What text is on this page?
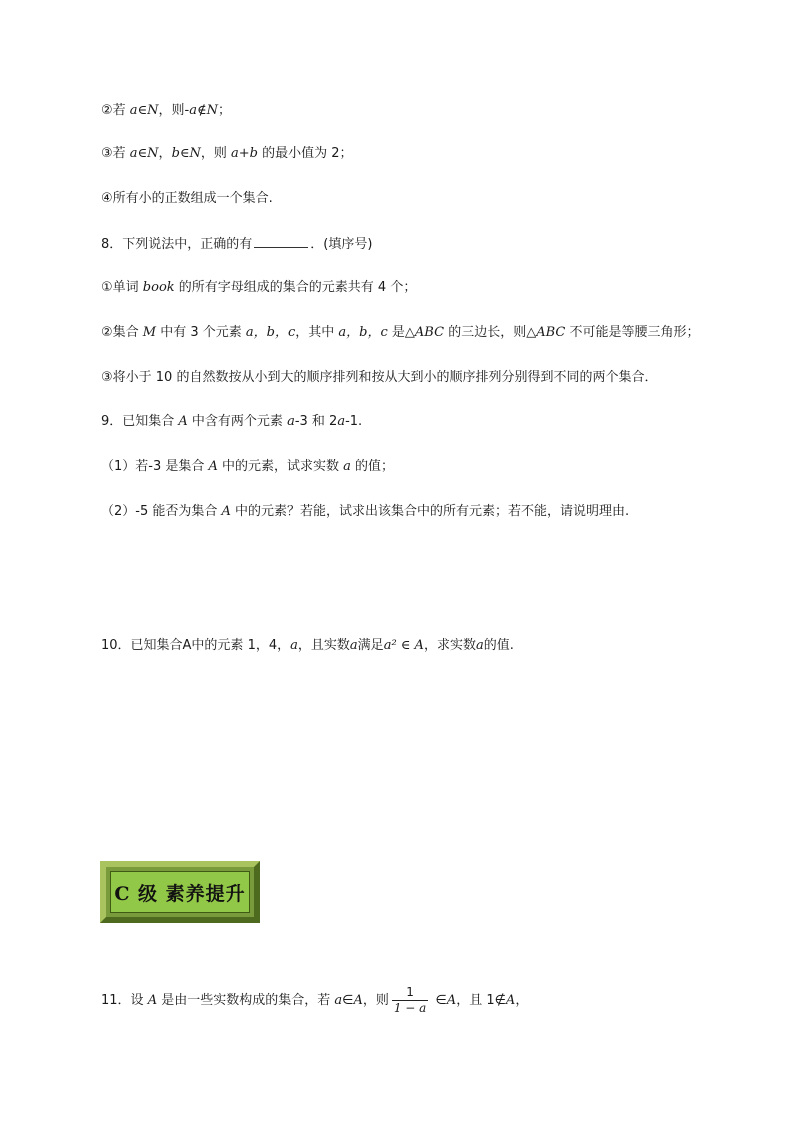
②若 a∈N，则-a∉N；
③若 a∈N，b∈N，则 a+b 的最小值为 2；
④所有小的正数组成一个集合.
8．下列说法中，正确的有	．(填序号)
①单词 book 的所有字母组成的集合的元素共有 4 个；
②集合 M 中有 3 个元素 a，b，c，其中 a，b，c 是△ABC 的三边长，则△ABC 不可能是等腰三角形；
③将小于 10 的自然数按从小到大的顺序排列和按从大到小的顺序排列分别得到不同的两个集合．
9．已知集合 A 中含有两个元素 a-3 和 2a-1.
（1）若-3 是集合 A 中的元素，试求实数 a 的值；
（2）-5 能否为集合 A 中的元素？若能，试求出该集合中的所有元素；若不能，请说明理由.
10．已知集合A中的元素 1，4，a，且实数a满足a² ∈ A，求实数a的值.
C 级 素养提升
11．设 A 是由一些实数构成的集合，若 a∈A，则 $\frac{1}{1 - a}$ ∈A，且 1∉A，
